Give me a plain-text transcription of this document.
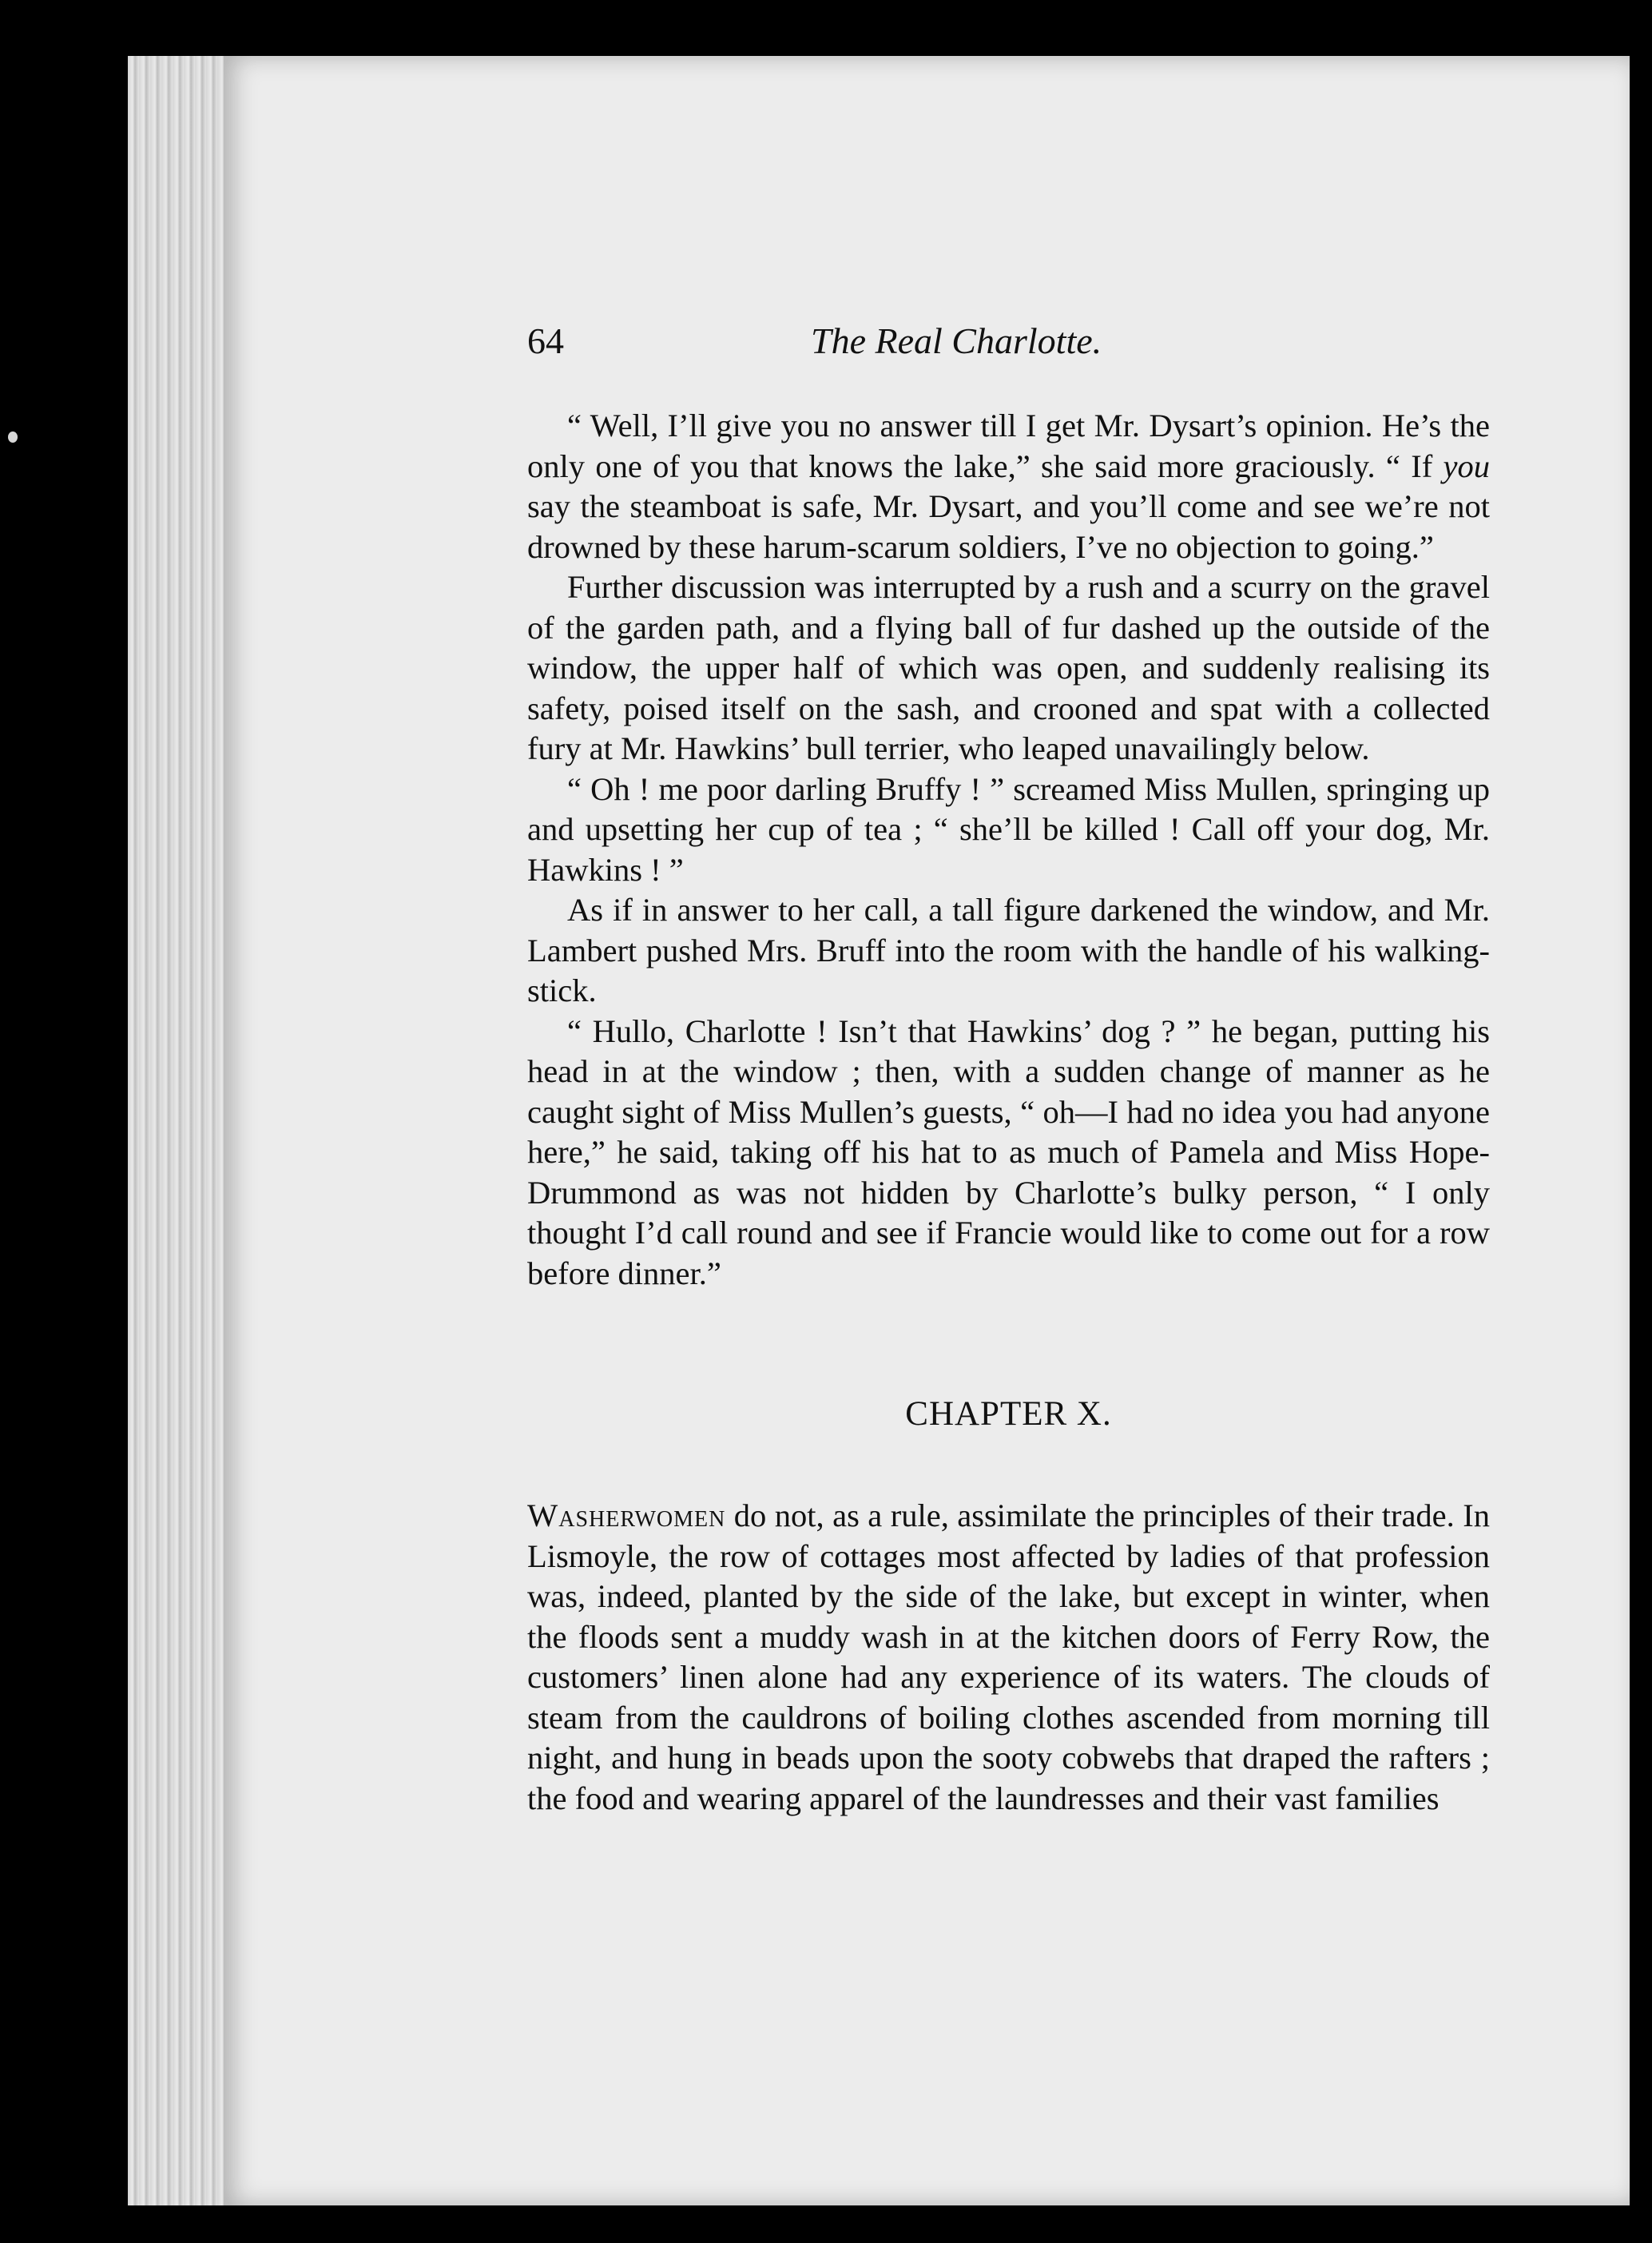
64	The Real Charlotte.

“ Well, I’ll give you no answer till I get Mr. Dysart’s opinion. He’s the only one of you that knows the lake,” she said more graciously. “ If you say the steamboat is safe, Mr. Dysart, and you’ll come and see we’re not drowned by these harum-scarum soldiers, I’ve no objection to going.”

Further discussion was interrupted by a rush and a scurry on the gravel of the garden path, and a flying ball of fur dashed up the outside of the window, the upper half of which was open, and suddenly realising its safety, poised itself on the sash, and crooned and spat with a collected fury at Mr. Hawkins’ bull terrier, who leaped unavailingly below.

“ Oh ! me poor darling Bruffy ! ” screamed Miss Mullen, springing up and upsetting her cup of tea ; “ she’ll be killed ! Call off your dog, Mr. Hawkins ! ”

As if in answer to her call, a tall figure darkened the window, and Mr. Lambert pushed Mrs. Bruff into the room with the handle of his walking-stick.

“ Hullo, Charlotte ! Isn’t that Hawkins’ dog ? ” he began, putting his head in at the window ; then, with a sudden change of manner as he caught sight of Miss Mullen’s guests, “ oh—I had no idea you had anyone here,” he said, taking off his hat to as much of Pamela and Miss Hope-Drummond as was not hidden by Charlotte’s bulky person, “ I only thought I’d call round and see if Francie would like to come out for a row before dinner.”

CHAPTER X.

Washerwomen do not, as a rule, assimilate the principles of their trade. In Lismoyle, the row of cottages most affected by ladies of that profession was, indeed, planted by the side of the lake, but except in winter, when the floods sent a muddy wash in at the kitchen doors of Ferry Row, the customers’ linen alone had any experience of its waters. The clouds of steam from the cauldrons of boiling clothes ascended from morning till night, and hung in beads upon the sooty cobwebs that draped the rafters ; the food and wearing apparel of the laundresses and their vast families
